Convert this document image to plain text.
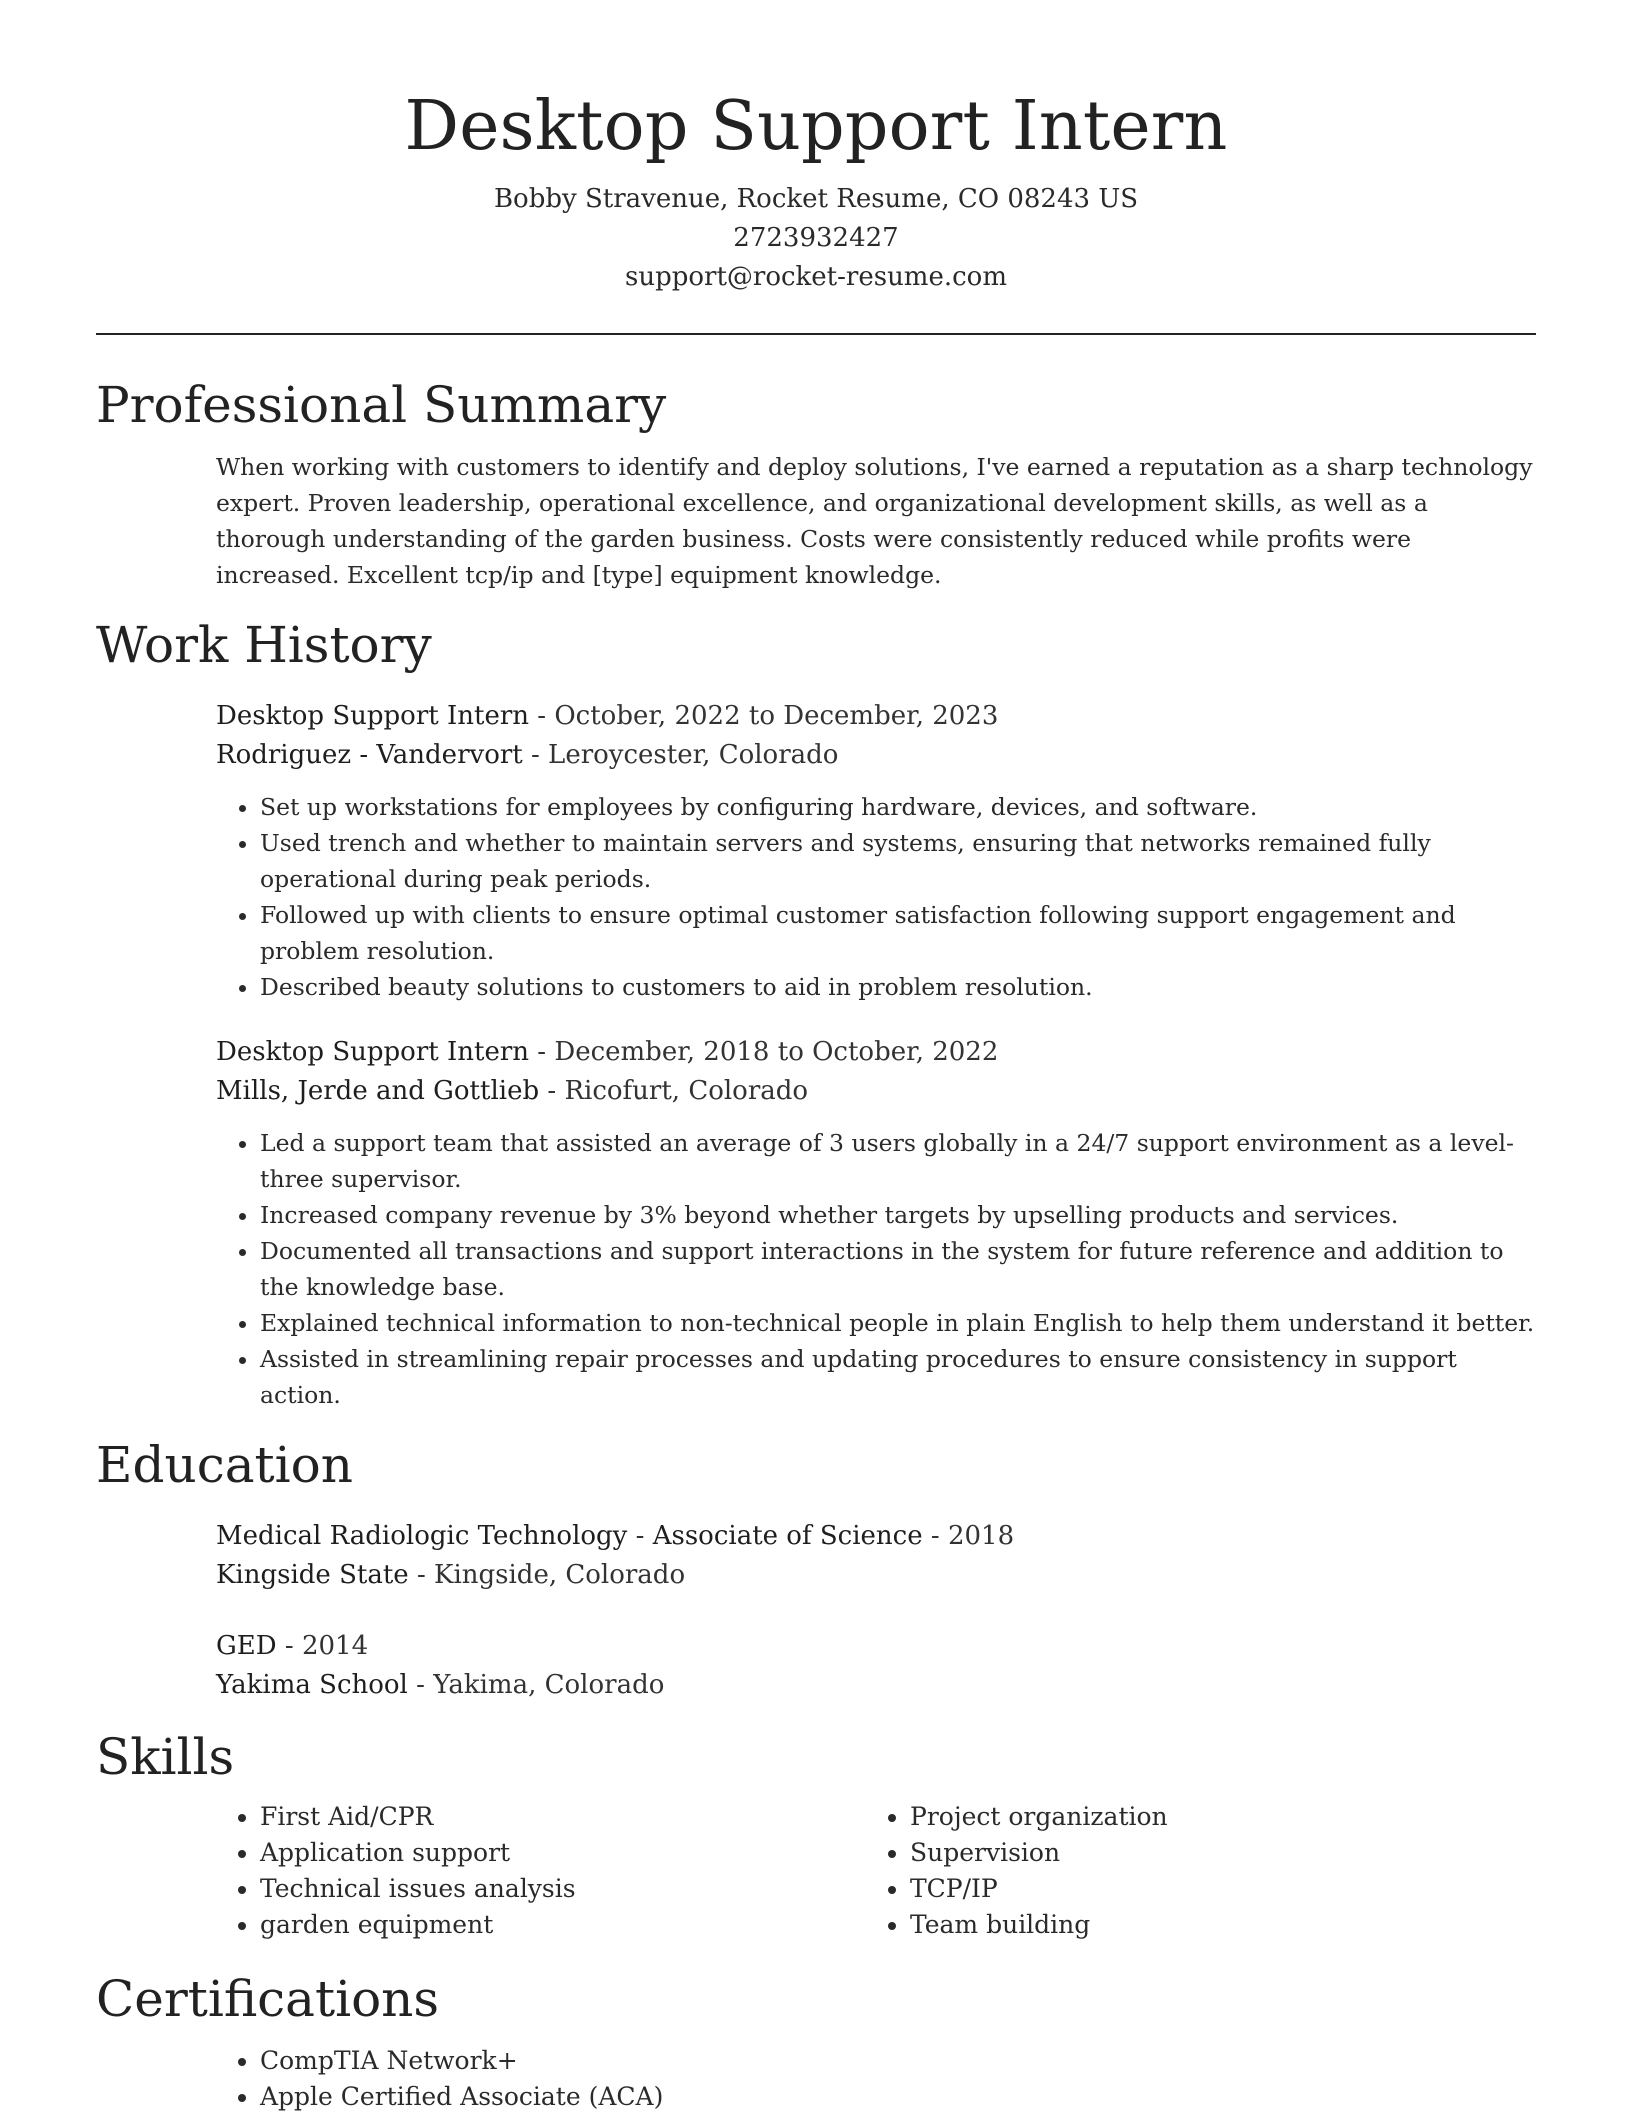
Desktop Support Intern
Bobby Stravenue, Rocket Resume, CO 08243 US
2723932427
support@rocket-resume.com
Professional Summary

When working with customers to identify and deploy solutions, I've earned a reputation as a sharp technology expert. Proven leadership, operational excellence, and organizational development skills, as well as a thorough understanding of the garden business. Costs were consistently reduced while profits were increased. Excellent tcp/ip and [type] equipment knowledge.

Work History
Desktop Support Intern - October, 2022 to December, 2023
Rodriguez - Vandervort - Leroycester, Colorado
• Set up workstations for employees by configuring hardware, devices, and software.
• Used trench and whether to maintain servers and systems, ensuring that networks remained fully operational during peak periods.
• Followed up with clients to ensure optimal customer satisfaction following support engagement and problem resolution.
• Described beauty solutions to customers to aid in problem resolution.
Desktop Support Intern - December, 2018 to October, 2022
Mills, Jerde and Gottlieb - Ricofurt, Colorado
• Led a support team that assisted an average of 3 users globally in a 24/7 support environment as a level-three supervisor.
• Increased company revenue by 3% beyond whether targets by upselling products and services.
• Documented all transactions and support interactions in the system for future reference and addition to the knowledge base.
• Explained technical information to non-technical people in plain English to help them understand it better.
• Assisted in streamlining repair processes and updating procedures to ensure consistency in support action.
Education
Medical Radiologic Technology - Associate of Science - 2018
Kingside State - Kingside, Colorado
GED - 2014
Yakima School - Yakima, Colorado
Skills
• First Aid/CPR
• Application support
• Technical issues analysis
• garden equipment
• Project organization
• Supervision
• TCP/IP
• Team building
Certifications
• CompTIA Network+
• Apple Certified Associate (ACA)
